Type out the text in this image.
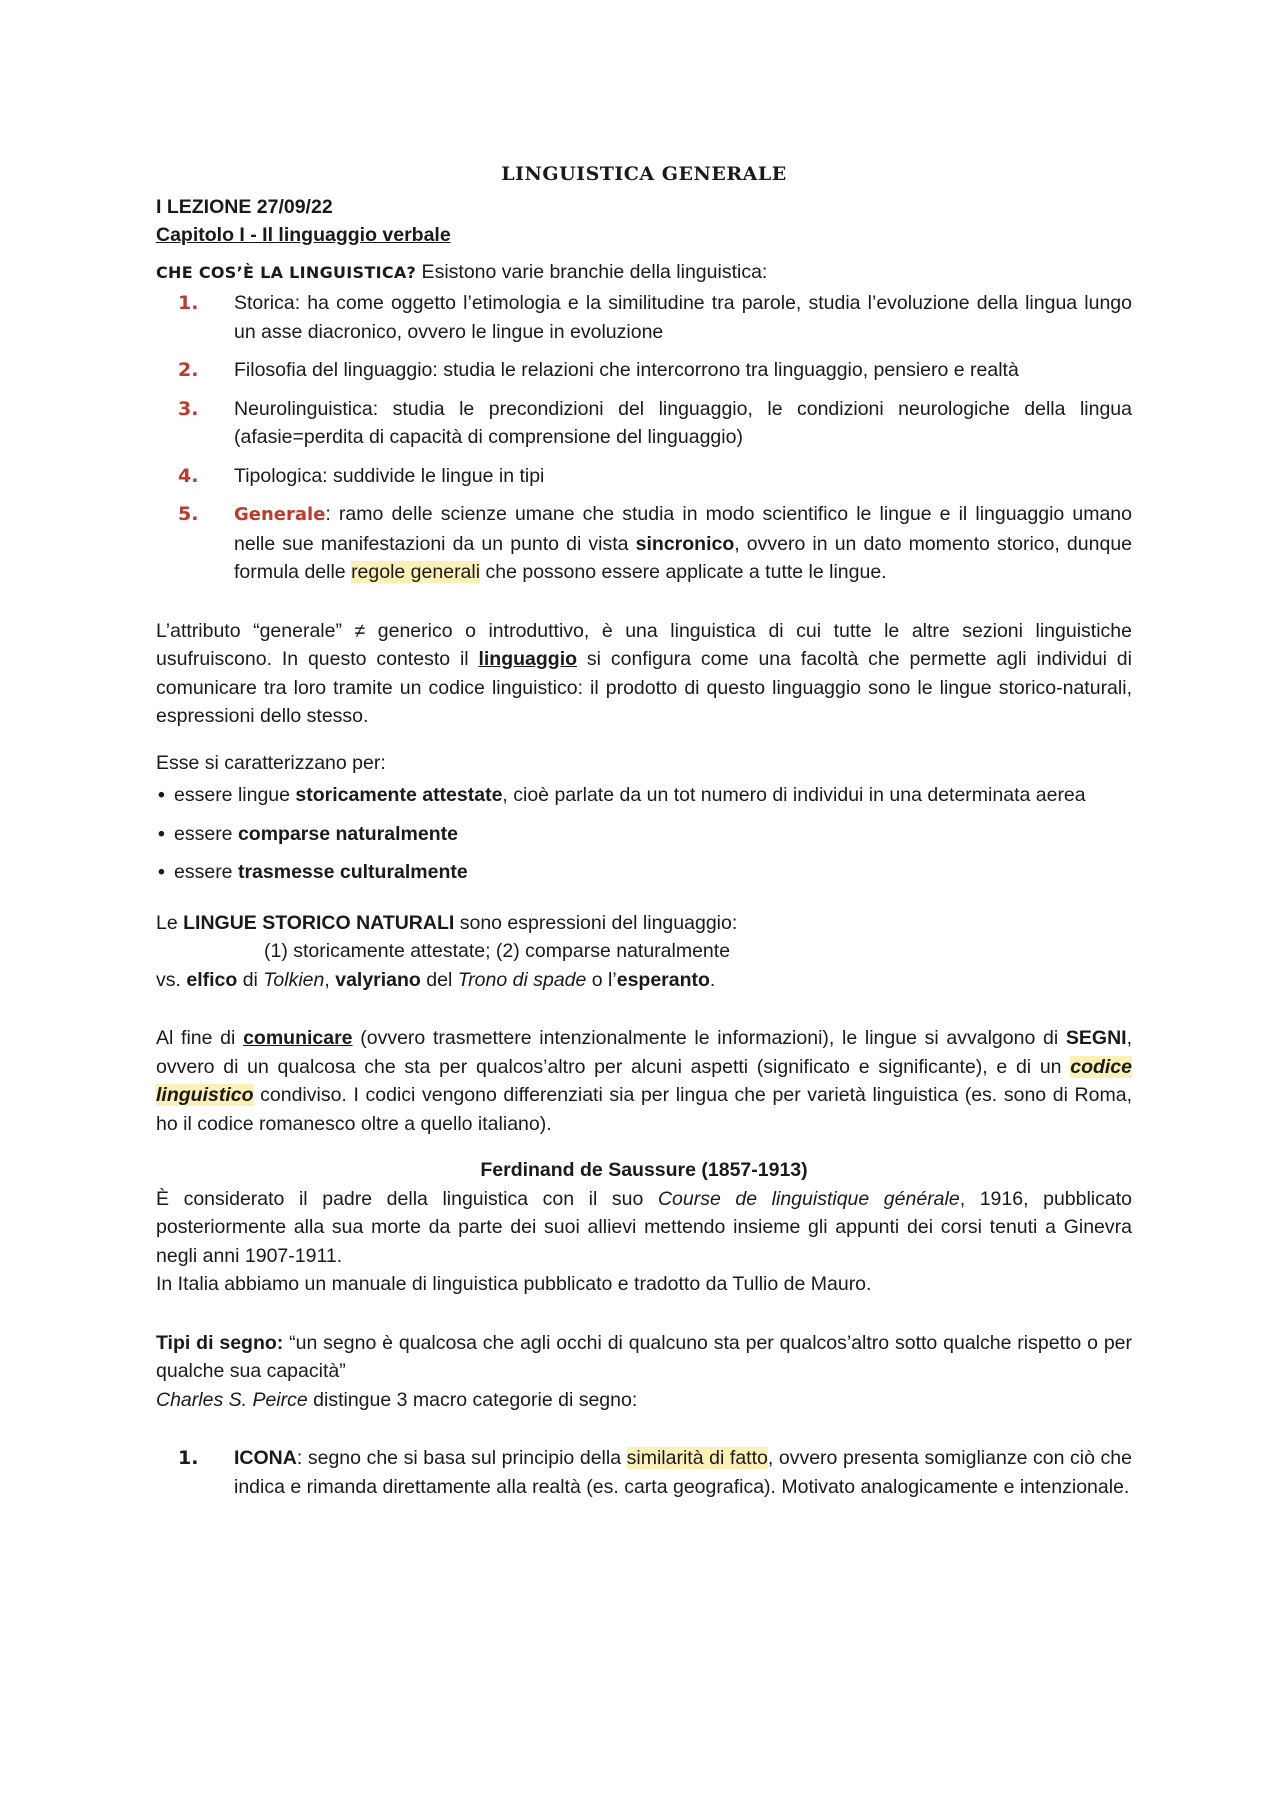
LINGUISTICA GENERALE

I LEZIONE 27/09/22

Capitolo I - Il linguaggio verbale

CHE COS’È LA LINGUISTICA? Esistono varie branchie della linguistica:

1. Storica: ha come oggetto l’etimologia e la similitudine tra parole, studia l’evoluzione della lingua lungo un asse diacronico, ovvero le lingue in evoluzione
2. Filosofia del linguaggio: studia le relazioni che intercorrono tra linguaggio, pensiero e realtà
3. Neurolinguistica: studia le precondizioni del linguaggio, le condizioni neurologiche della lingua (afasie=perdita di capacità di comprensione del linguaggio)
4. Tipologica: suddivide le lingue in tipi
5. Generale: ramo delle scienze umane che studia in modo scientifico le lingue e il linguaggio umano nelle sue manifestazioni da un punto di vista sincronico, ovvero in un dato momento storico, dunque formula delle regole generali che possono essere applicate a tutte le lingue.

L’attributo “generale” ≠ generico o introduttivo, è una linguistica di cui tutte le altre sezioni linguistiche usufruiscono. In questo contesto il linguaggio si configura come una facoltà che permette agli individui di comunicare tra loro tramite un codice linguistico: il prodotto di questo linguaggio sono le lingue storico-naturali, espressioni dello stesso.

Esse si caratterizzano per:

• essere lingue storicamente attestate, cioè parlate da un tot numero di individui in una determinata aerea
• essere comparse naturalmente
• essere trasmesse culturalmente

Le LINGUE STORICO NATURALI sono espressioni del linguaggio:

(1) storicamente attestate; (2) comparse naturalmente

vs. elfico di Tolkien, valyriano del Trono di spade o l’esperanto.

Al fine di comunicare (ovvero trasmettere intenzionalmente le informazioni), le lingue si avvalgono di SEGNI, ovvero di un qualcosa che sta per qualcos’altro per alcuni aspetti (significato e significante), e di un codice linguistico condiviso. I codici vengono differenziati sia per lingua che per varietà linguistica (es. sono di Roma, ho il codice romanesco oltre a quello italiano).

Ferdinand de Saussure (1857-1913)

È considerato il padre della linguistica con il suo Course de linguistique générale, 1916, pubblicato posteriormente alla sua morte da parte dei suoi allievi mettendo insieme gli appunti dei corsi tenuti a Ginevra negli anni 1907-1911.

In Italia abbiamo un manuale di linguistica pubblicato e tradotto da Tullio de Mauro.

Tipi di segno: “un segno è qualcosa che agli occhi di qualcuno sta per qualcos’altro sotto qualche rispetto o per qualche sua capacità”

Charles S. Peirce distingue 3 macro categorie di segno:

1. ICONA: segno che si basa sul principio della similarità di fatto, ovvero presenta somiglianze con ciò che indica e rimanda direttamente alla realtà (es. carta geografica). Motivato analogicamente e intenzionale.
